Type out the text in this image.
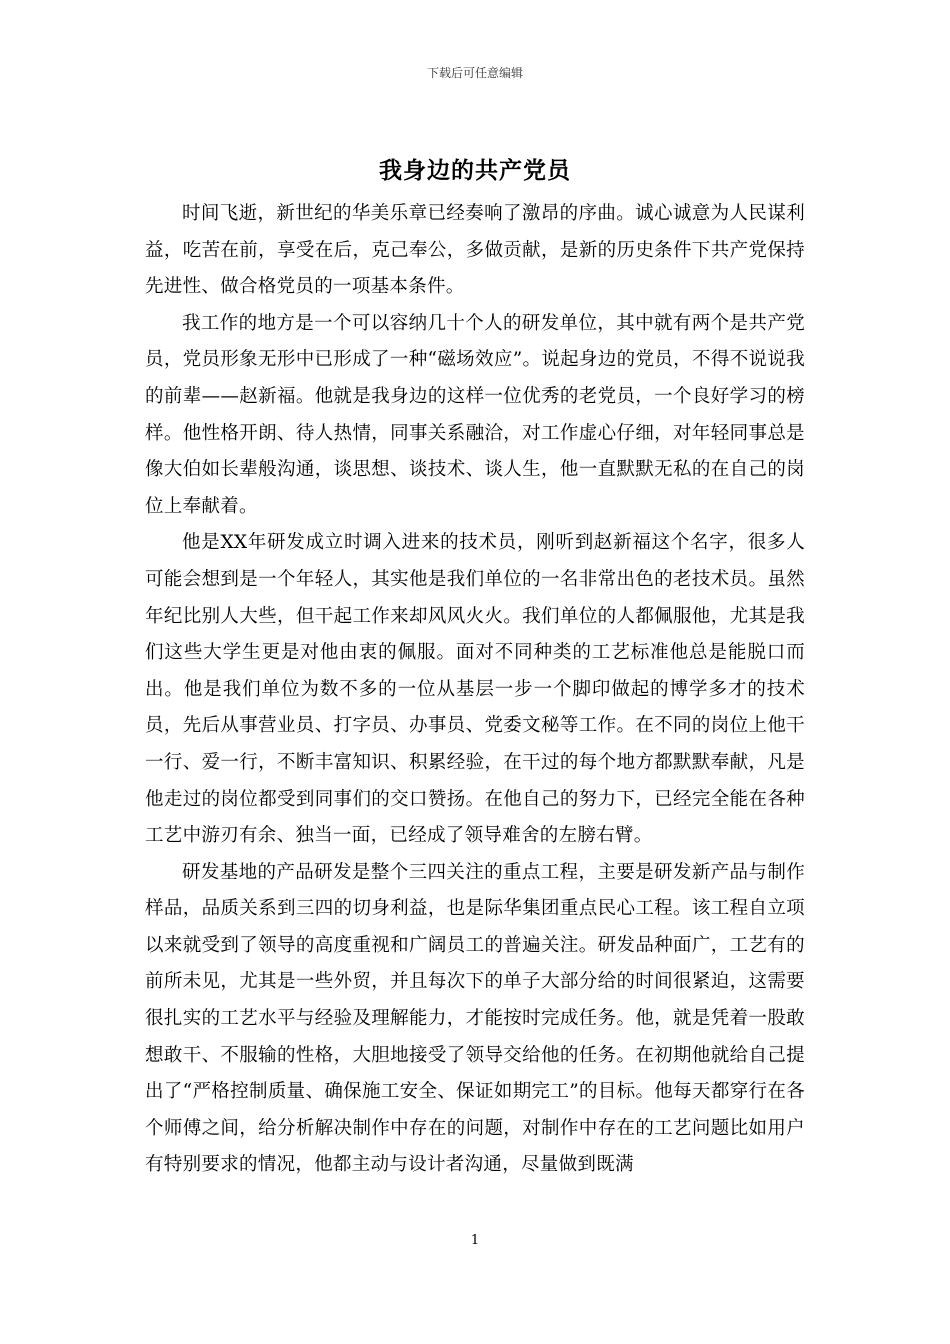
下载后可任意编辑
我身边的共产党员

时间飞逝，新世纪的华美乐章已经奏响了激昂的序曲。诚心诚意为人民谋利益，吃苦在前，享受在后，克己奉公，多做贡献，是新的历史条件下共产党保持先进性、做合格党员的一项基本条件。

我工作的地方是一个可以容纳几十个人的研发单位，其中就有两个是共产党员，党员形象无形中已形成了一种“磁场效应”。说起身边的党员，不得不说说我的前辈——赵新福。他就是我身边的这样一位优秀的老党员，一个良好学习的榜样。他性格开朗、待人热情，同事关系融洽，对工作虚心仔细，对年轻同事总是像大伯如长辈般沟通，谈思想、谈技术、谈人生，他一直默默无私的在自己的岗位上奉献着。

他是XX年研发成立时调入进来的技术员，刚听到赵新福这个名字，很多人可能会想到是一个年轻人，其实他是我们单位的一名非常出色的老技术员。虽然年纪比别人大些，但干起工作来却风风火火。我们单位的人都佩服他，尤其是我们这些大学生更是对他由衷的佩服。面对不同种类的工艺标准他总是能脱口而出。他是我们单位为数不多的一位从基层一步一个脚印做起的博学多才的技术员，先后从事营业员、打字员、办事员、党委文秘等工作。在不同的岗位上他干一行、爱一行，不断丰富知识、积累经验，在干过的每个地方都默默奉献，凡是他走过的岗位都受到同事们的交口赞扬。在他自己的努力下，已经完全能在各种工艺中游刃有余、独当一面，已经成了领导难舍的左膀右臂。

研发基地的产品研发是整个三四关注的重点工程，主要是研发新产品与制作样品，品质关系到三四的切身利益，也是际华集团重点民心工程。该工程自立项以来就受到了领导的高度重视和广阔员工的普遍关注。研发品种面广，工艺有的前所未见，尤其是一些外贸，并且每次下的单子大部分给的时间很紧迫，这需要很扎实的工艺水平与经验及理解能力，才能按时完成任务。他，就是凭着一股敢想敢干、不服输的性格，大胆地接受了领导交给他的任务。在初期他就给自己提出了“严格控制质量、确保施工安全、保证如期完工”的目标。他每天都穿行在各个师傅之间，给分析解决制作中存在的问题，对制作中存在的工艺问题比如用户有特别要求的情况，他都主动与设计者沟通，尽量做到既满

1
